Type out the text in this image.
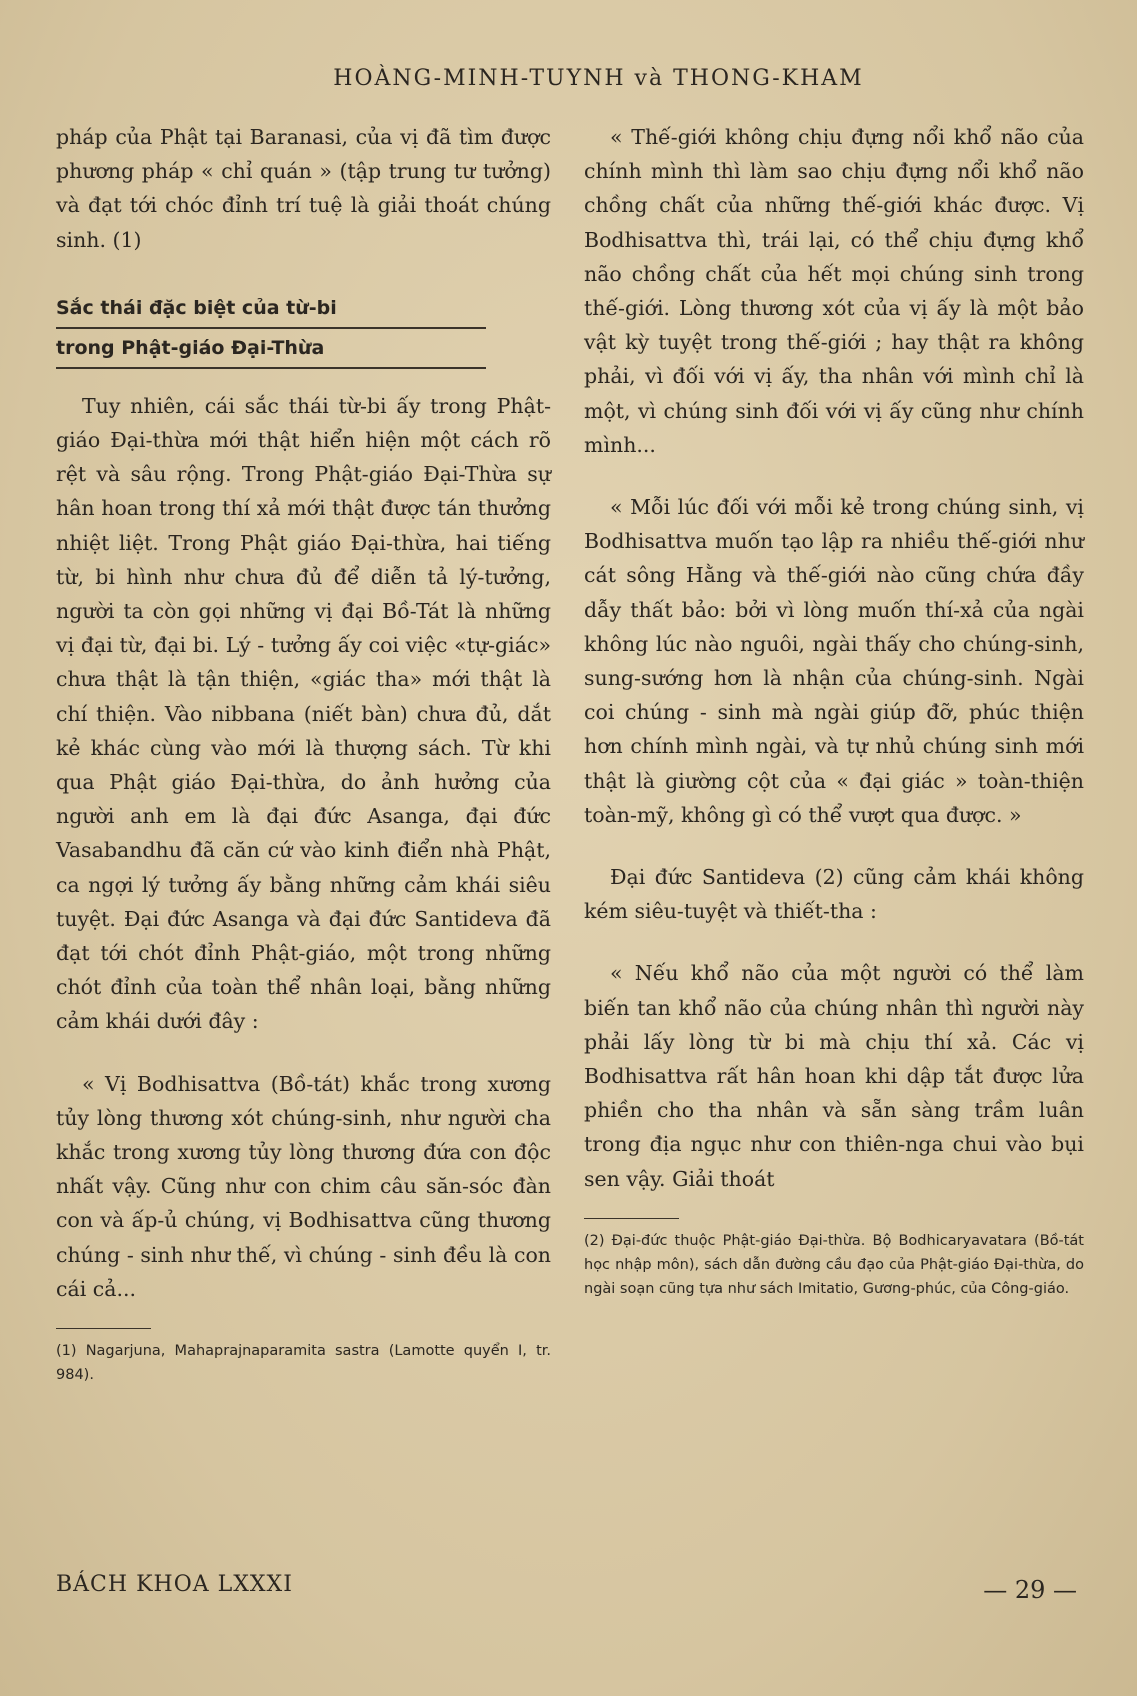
HOÀNG-MINH-TUYNH và THONG-KHAM

pháp của Phật tại Baranasi, của vị đã tìm được phương pháp « chỉ quán » (tập trung tư tưởng) và đạt tới chóc đỉnh trí tuệ là giải thoát chúng sinh. (1)

Sắc thái đặc biệt của từ-bi
trong Phật-giáo Đại-Thừa

Tuy nhiên, cái sắc thái từ-bi ấy trong Phật-giáo Đại-thừa mới thật hiển hiện một cách rõ rệt và sâu rộng. Trong Phật-giáo Đại-Thừa sự hân hoan trong thí xả mới thật được tán thưởng nhiệt liệt. Trong Phật giáo Đại-thừa, hai tiếng từ, bi hình như chưa đủ để diễn tả lý-tưởng, người ta còn gọi những vị đại Bồ-Tát là những vị đại từ, đại bi. Lý - tưởng ấy coi việc «tự-giác» chưa thật là tận thiện, «giác tha» mới thật là chí thiện. Vào nibbana (niết bàn) chưa đủ, dắt kẻ khác cùng vào mới là thượng sách. Từ khi qua Phật giáo Đại-thừa, do ảnh hưởng của người anh em là đại đức Asanga, đại đức Vasabandhu đã căn cứ vào kinh điển nhà Phật, ca ngợi lý tưởng ấy bằng những cảm khái siêu tuyệt. Đại đức Asanga và đại đức Santideva đã đạt tới chót đỉnh Phật-giáo, một trong những chót đỉnh của toàn thể nhân loại, bằng những cảm khái dưới đây :

« Vị Bodhisattva (Bồ-tát) khắc trong xương tủy lòng thương xót chúng-sinh, như người cha khắc trong xương tủy lòng thương đứa con độc nhất vậy. Cũng như con chim câu săn-sóc đàn con và ấp-ủ chúng, vị Bodhisattva cũng thương chúng - sinh như thế, vì chúng - sinh đều là con cái cả...

(1) Nagarjuna, Mahaprajnaparamita sastra (Lamotte quyển I, tr. 984).

« Thế-giới không chịu đựng nổi khổ não của chính mình thì làm sao chịu đựng nổi khổ não chồng chất của những thế-giới khác được. Vị Bodhisattva thì, trái lại, có thể chịu đựng khổ não chồng chất của hết mọi chúng sinh trong thế-giới. Lòng thương xót của vị ấy là một bảo vật kỳ tuyệt trong thế-giới ; hay thật ra không phải, vì đối với vị ấy, tha nhân với mình chỉ là một, vì chúng sinh đối với vị ấy cũng như chính mình...

« Mỗi lúc đối với mỗi kẻ trong chúng sinh, vị Bodhisattva muốn tạo lập ra nhiều thế-giới như cát sông Hằng và thế-giới nào cũng chứa đầy dẫy thất bảo: bởi vì lòng muốn thí-xả của ngài không lúc nào nguôi, ngài thấy cho chúng-sinh, sung-sướng hơn là nhận của chúng-sinh. Ngài coi chúng - sinh mà ngài giúp đỡ, phúc thiện hơn chính mình ngài, và tự nhủ chúng sinh mới thật là giường cột của « đại giác » toàn-thiện toàn-mỹ, không gì có thể vượt qua được. »

Đại đức Santideva (2) cũng cảm khái không kém siêu-tuyệt và thiết-tha :

« Nếu khổ não của một người có thể làm biến tan khổ não của chúng nhân thì người này phải lấy lòng từ bi mà chịu thí xả. Các vị Bodhisattva rất hân hoan khi dập tắt được lửa phiền cho tha nhân và sẵn sàng trầm luân trong địa ngục như con thiên-nga chui vào bụi sen vậy. Giải thoát

(2) Đại-đức thuộc Phật-giáo Đại-thừa. Bộ Bodhicaryavatara (Bồ-tát học nhập môn), sách dẫn đường cầu đạo của Phật-giáo Đại-thừa, do ngài soạn cũng tựa như sách Imitatio, Gương-phúc, của Công-giáo.

BÁCH KHOA LXXXI	— 29 —
